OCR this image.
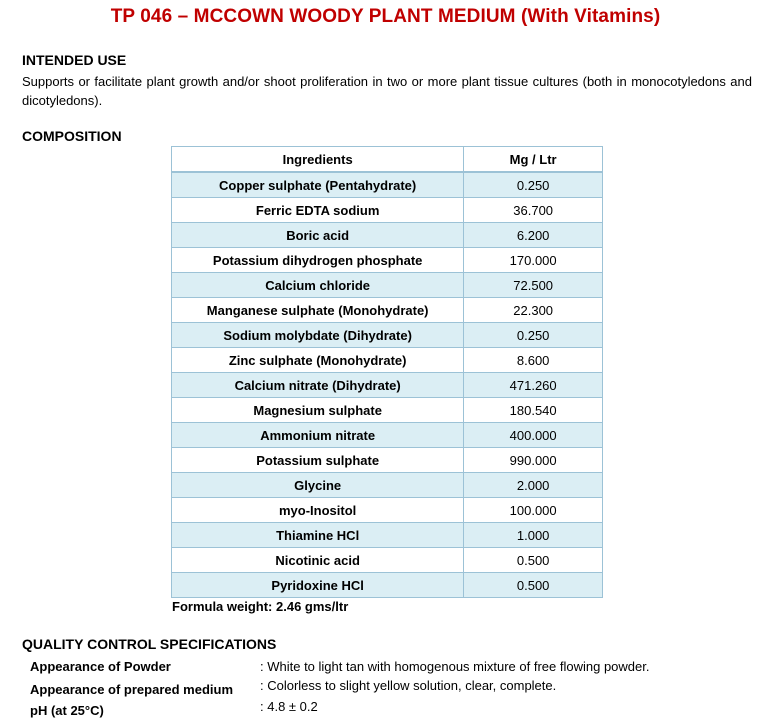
TP 046 – MCCOWN WOODY PLANT MEDIUM (With Vitamins)
INTENDED USE
Supports or facilitate plant growth and/or shoot proliferation in two or more plant tissue cultures (both in monocotyledons and dicotyledons).
COMPOSITION
Ingredients	Mg / Ltr
Copper sulphate (Pentahydrate)	0.250
Ferric EDTA sodium	36.700
Boric acid	6.200
Potassium dihydrogen phosphate	170.000
Calcium chloride	72.500
Manganese sulphate (Monohydrate)	22.300
Sodium molybdate (Dihydrate)	0.250
Zinc sulphate (Monohydrate)	8.600
Calcium nitrate (Dihydrate)	471.260
Magnesium sulphate	180.540
Ammonium nitrate	400.000
Potassium sulphate	990.000
Glycine	2.000
myo-Inositol	100.000
Thiamine HCl	1.000
Nicotinic acid	0.500
Pyridoxine HCl	0.500
Formula weight: 2.46 gms/ltr
QUALITY CONTROL SPECIFICATIONS
Appearance of Powder	: White to light tan with homogenous mixture of free flowing powder.
Appearance of prepared medium : Colorless to slight yellow solution, clear, complete.
pH (at 25°C)	: 4.8 ± 0.2
